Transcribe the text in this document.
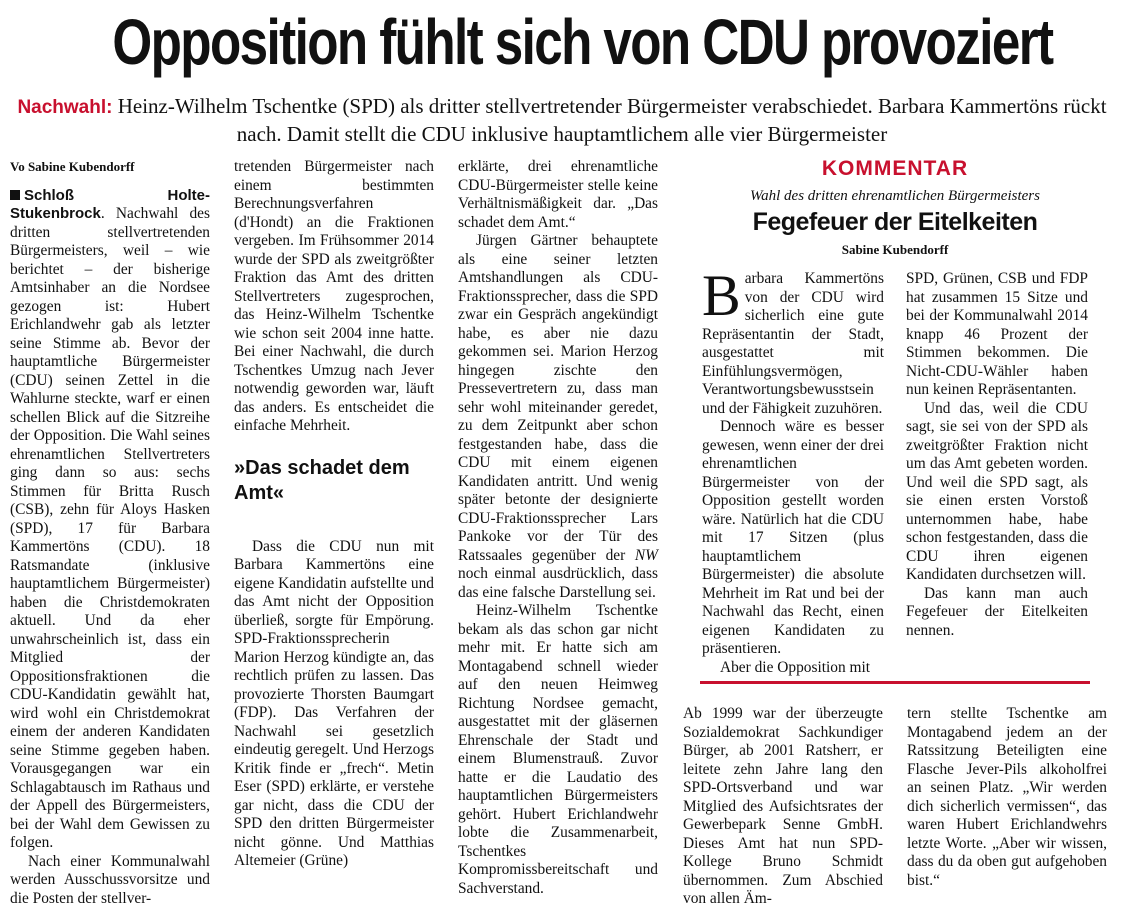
Opposition fühlt sich von CDU provoziert
Nachwahl: Heinz-Wilhelm Tschentke (SPD) als dritter stellvertretender Bürgermeister verabschiedet. Barbara Kammertöns rückt nach. Damit stellt die CDU inklusive hauptamtlichem alle vier Bürgermeister
Vo Sabine Kubendorff

Schloß Holte-Stukenbrock. Nachwahl des dritten stellvertretenden Bürgermeisters, weil – wie berichtet – der bisherige Amtsinhaber an die Nordsee gezogen ist: Hubert Erichlandwehr gab als letzter seine Stimme ab. Bevor der hauptamtliche Bürgermeister (CDU) seinen Zettel in die Wahlurne steckte, warf er einen schellen Blick auf die Sitzreihe der Opposition. Die Wahl seines ehrenamtlichen Stellvertreters ging dann so aus: sechs Stimmen für Britta Rusch (CSB), zehn für Aloys Hasken (SPD), 17 für Barbara Kammertöns (CDU). 18 Ratsmandate (inklusive hauptamtlichem Bürgermeister) haben die Christdemokraten aktuell. Und da eher unwahrscheinlich ist, dass ein Mitglied der Oppositionsfraktionen die CDU-Kandidatin gewählt hat, wird wohl ein Christdemokrat einem der anderen Kandidaten seine Stimme gegeben haben. Vorausgegangen war ein Schlagabtausch im Rathaus und der Appell des Bürgermeisters, bei der Wahl dem Gewissen zu folgen.

Nach einer Kommunalwahl werden Ausschussvorsitze und die Posten der stellver-

tretenden Bürgermeister nach einem bestimmten Berechnungsverfahren (d'Hondt) an die Fraktionen vergeben. Im Frühsommer 2014 wurde der SPD als zweitgrößter Fraktion das Amt des dritten Stellvertreters zugesprochen, das Heinz-Wilhelm Tschentke wie schon seit 2004 inne hatte. Bei einer Nachwahl, die durch Tschentkes Umzug nach Jever notwendig geworden war, läuft das anders. Es entscheidet die einfache Mehrheit.

»Das schadet dem Amt«

Dass die CDU nun mit Barbara Kammertöns eine eigene Kandidatin aufstellte und das Amt nicht der Opposition überließ, sorgte für Empörung. SPD-Fraktionssprecherin Marion Herzog kündigte an, das rechtlich prüfen zu lassen. Das provozierte Thorsten Baumgart (FDP). Das Verfahren der Nachwahl sei gesetzlich eindeutig geregelt. Und Herzogs Kritik finde er „frech“. Metin Eser (SPD) erklärte, er verstehe gar nicht, dass die CDU der SPD den dritten Bürgermeister nicht gönne. Und Matthias Altemeier (Grüne)

erklärte, drei ehrenamtliche CDU-Bürgermeister stelle keine Verhältnismäßigkeit dar. „Das schadet dem Amt.“

Jürgen Gärtner behauptete als eine seiner letzten Amtshandlungen als CDU-Fraktionssprecher, dass die SPD zwar ein Gespräch angekündigt habe, es aber nie dazu gekommen sei. Marion Herzog hingegen zischte den Pressevertretern zu, dass man sehr wohl miteinander geredet, zu dem Zeitpunkt aber schon festgestanden habe, dass die CDU mit einem eigenen Kandidaten antritt. Und wenig später betonte der designierte CDU-Fraktionssprecher Lars Pankoke vor der Tür des Ratssaales gegenüber der NW noch einmal ausdrücklich, dass das eine falsche Darstellung sei.

Heinz-Wilhelm Tschentke bekam als das schon gar nicht mehr mit. Er hatte sich am Montagabend schnell wieder auf den neuen Heimweg Richtung Nordsee gemacht, ausgestattet mit der gläsernen Ehrenschale der Stadt und einem Blumenstrauß. Zuvor hatte er die Laudatio des hauptamtlichen Bürgermeisters gehört. Hubert Erichlandwehr lobte die Zusammenarbeit, Tschentkes Kompromissbereitschaft und Sachverstand.

KOMMENTAR
Wahl des dritten ehrenamtlichen Bürgermeisters
Fegefeuer der Eitelkeiten
Sabine Kubendorff

Barbara Kammertöns von der CDU wird sicherlich eine gute Repräsentantin der Stadt, ausgestattet mit Einfühlungsvermögen, Verantwortungsbewusstsein und der Fähigkeit zuzuhören.

Dennoch wäre es besser gewesen, wenn einer der drei ehrenamtlichen Bürgermeister von der Opposition gestellt worden wäre. Natürlich hat die CDU mit 17 Sitzen (plus hauptamtlichem Bürgermeister) die absolute Mehrheit im Rat und bei der Nachwahl das Recht, einen eigenen Kandidaten zu präsentieren.

Aber die Opposition mit

SPD, Grünen, CSB und FDP hat zusammen 15 Sitze und bei der Kommunalwahl 2014 knapp 46 Prozent der Stimmen bekommen. Die Nicht-CDU-Wähler haben nun keinen Repräsentanten.

Und das, weil die CDU sagt, sie sei von der SPD als zweitgrößter Fraktion nicht um das Amt gebeten worden. Und weil die SPD sagt, als sie einen ersten Vorstoß unternommen habe, habe schon festgestanden, dass die CDU ihren eigenen Kandidaten durchsetzen will.

Das kann man auch Fegefeuer der Eitelkeiten nennen.

Ab 1999 war der überzeugte Sozialdemokrat Sachkundiger Bürger, ab 2001 Ratsherr, er leitete zehn Jahre lang den SPD-Ortsverband und war Mitglied des Aufsichtsrates der Gewerbepark Senne GmbH. Dieses Amt hat nun SPD-Kollege Bruno Schmidt übernommen. Zum Abschied von allen Äm-

tern stellte Tschentke am Montagabend jedem an der Ratssitzung Beteiligten eine Flasche Jever-Pils alkoholfrei an seinen Platz. „Wir werden dich sicherlich vermissen“, das waren Hubert Erichlandwehrs letzte Worte. „Aber wir wissen, dass du da oben gut aufgehoben bist.“
